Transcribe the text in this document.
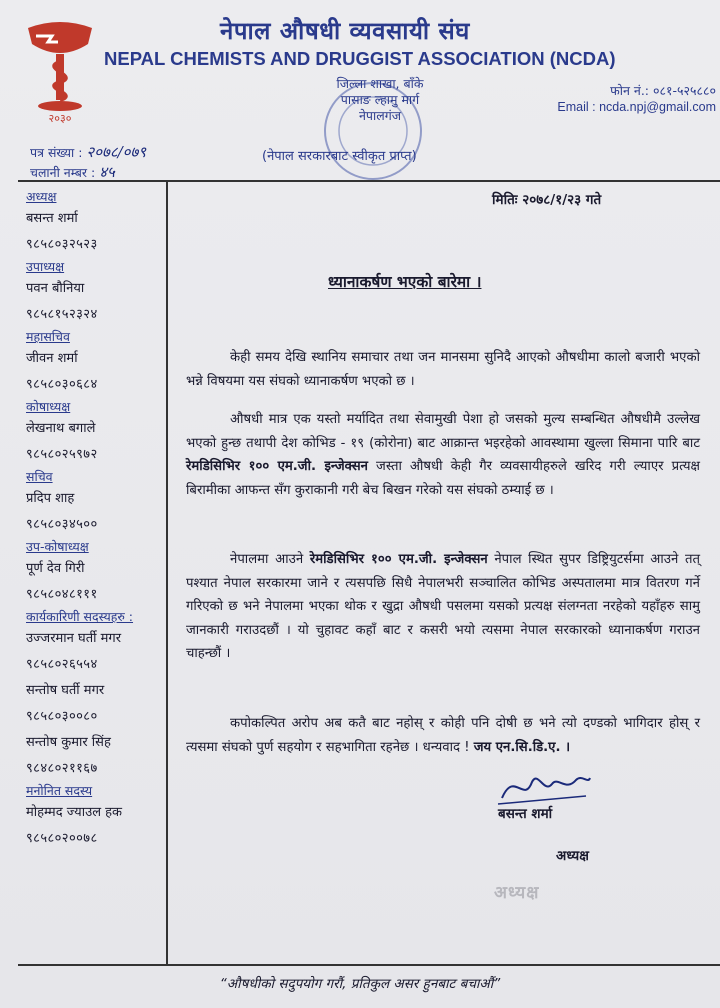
२०३०
नेपाल औषधी व्यवसायी संघ
NEPAL CHEMISTS AND DRUGGIST ASSOCIATION (NCDA)
जिल्ला शाखा, बाँके
पासाङ ल्हामु मार्ग
नेपालगंज
फोन नं.: ०८१-५२५८८०
Email : ncda.npj@gmail.com
पत्र संख्या : २०७८/०७९
चलानी नम्बर : ४५
(नेपाल सरकारबाट स्वीकृत प्राप्त)
अध्यक्ष
बसन्त शर्मा
९८५८०३२५२३
उपाध्यक्ष
पवन बौनिया
९८५८१५२३२४
महासचिव
जीवन शर्मा
९८५८०३०६८४
कोषाध्यक्ष
लेखनाथ बगाले
९८५८०२५९७२
सचिव
प्रदिप शाह
९८५८०३४५००
उप-कोषाध्यक्ष
पूर्ण देव गिरी
९८५८०४८१११
कार्यकारिणी सदस्यहरु :
उज्जरमान घर्ती मगर
९८५८०२६५५४
सन्तोष घर्ती मगर
९८५८०३००८०
सन्तोष कुमार सिंह
९८४८०२११६७
मनोनित सदस्य
मोहम्मद ज्याउल हक
९८५८०२००७८
मितिः २०७८/१/२३ गते
ध्यानाकर्षण भएको बारेमा ।
केही समय देखि स्थानिय समाचार तथा जन मानसमा सुनिदै आएको औषधीमा कालो बजारी भएको भन्ने विषयमा यस संघको ध्यानाकर्षण भएको छ ।
औषधी मात्र एक यस्तो मर्यादित तथा सेवामुखी पेशा हो जसको मुल्य सम्बन्धित औषधीमै उल्लेख भएको हुन्छ तथापी देश कोभिड - १९ (कोरोना) बाट आक्रान्त भइरहेको आवस्थामा खुल्ला सिमाना पारि बाट रेमडिसिभिर १०० एम.जी. इन्जेक्सन जस्ता औषधी केही गैर व्यवसायीहरुले खरिद गरी ल्याएर प्रत्यक्ष बिरामीका आफन्त सँग कुराकानी गरी बेच बिखन गरेको यस संघको ठम्याई छ ।
नेपालमा आउने रेमडिसिभिर १०० एम.जी. इन्जेक्सन नेपाल स्थित सुपर डिष्ट्रियुटर्समा आउने तत् पश्यात नेपाल सरकारमा जाने र त्यसपछि सिधै नेपालभरी सञ्चालित कोभिड अस्पतालमा मात्र वितरण गर्ने गरिएको छ भने नेपालमा भएका थोक र खुद्रा औषधी पसलमा यसको प्रत्यक्ष संलग्नता नरहेको यहाँहरु सामु जानकारी गराउदछौं । यो चुहावट कहाँ बाट र कसरी भयो त्यसमा नेपाल सरकारको ध्यानाकर्षण गराउन चाहन्छौं ।
कपोकल्पित अरोप अब कतै बाट नहोस् र कोही पनि दोषी छ भने त्यो दण्डको भागिदार होस् र त्यसमा संघको पुर्ण सहयोग र सहभागिता रहनेछ । धन्यवाद ! जय एन.सि.डि.ए. ।
बसन्त शर्मा
अध्यक्ष
अध्यक्ष
“औषधीको सदुपयोग गरौं, प्रतिकुल असर हुनबाट बचाऔं”
